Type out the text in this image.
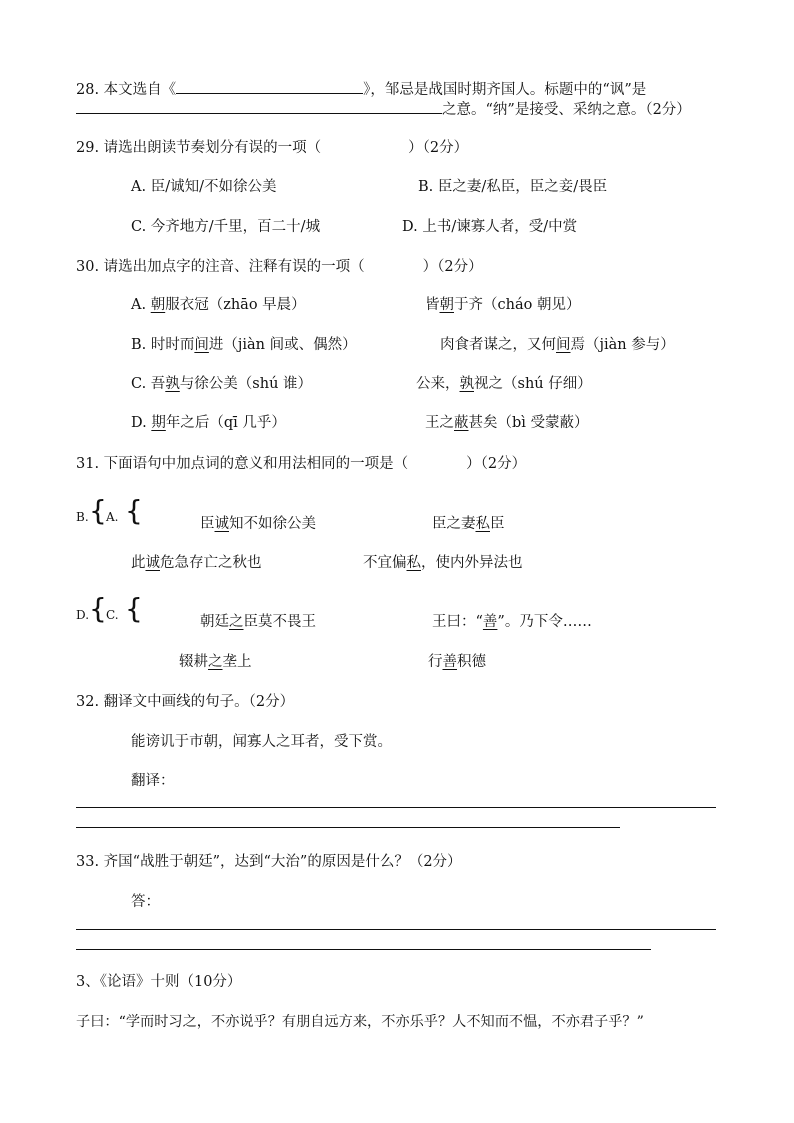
28. 本文选自《	》，邹忌是战国时期齐国人。标题中的“讽”是
之意。“纳”是接受、采纳之意。（2分）
29. 请选出朗读节奏划分有误的一项（　　　　　　）（2分）
A. 臣/诚知/不如徐公美	B. 臣之妻/私臣，臣之妾/畏臣
C. 今齐地方/千里，百二十/城	D. 上书/谏寡人者，受/中赏
30. 请选出加点字的注音、注释有误的一项（　　　　）（2分）
A. 朝服衣冠（zhāo 早晨）	皆朝于齐（cháo 朝见）
B. 时时而间进（jiàn 间或、偶然）	肉食者谋之，又何间焉（jiàn 参与）
C. 吾孰与徐公美（shú 谁）	公来，孰视之（shú 仔细）
D. 期年之后（qī 几乎）	王之蔽甚矣（bì 受蒙蔽）
31. 下面语句中加点词的意义和用法相同的一项是（　　　　）（2分）
B. { A. {	臣诚知不如徐公美	臣之妻私臣
此诚危急存亡之秋也	不宜偏私，使内外异法也
D. { C. {	朝廷之臣莫不畏王	王曰：“善”。乃下令……
辍耕之垄上	行善积德
32. 翻译文中画线的句子。（2分）
能谤讥于市朝，闻寡人之耳者，受下赏。
翻译：
33. 齐国“战胜于朝廷”，达到“大治”的原因是什么？（2分）
答：
3、《论语》十则（10分）
子曰：“学而时习之，不亦说乎？有朋自远方来，不亦乐乎？人不知而不愠，不亦君子乎？”
